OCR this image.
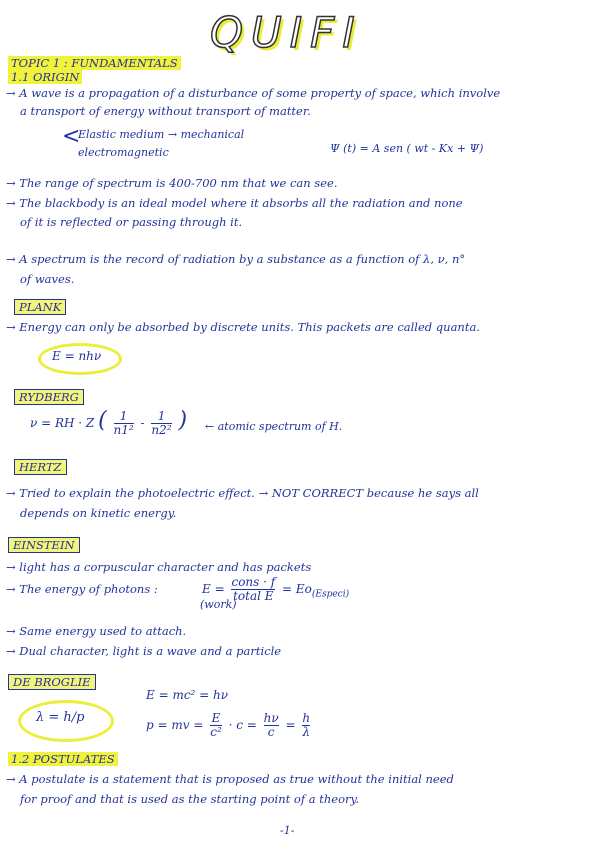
QUIFI
TOPIC 1 : FUNDAMENTALS
1.1 ORIGIN
→ A wave is a propagation of a disturbance of some property of space, which involve
a transport of energy without transport of matter.
<
Elastic medium → mechanical
electromagnetic	Ψ (t) = A sen ( wt - Kx + Ψ)
→ The range of spectrum is 400-700 nm that we can see.
→ The blackbody is an ideal model where it absorbs all the radiation and none
of it is reflected or passing through it.
→ A spectrum is the record of radiation by a substance as a function of λ, ν, n°
of waves.
PLANK
→ Energy can only be absorbed by discrete units. This packets are called quanta.
E = nhν
RYDBERG
ν = RH · Z ( $\frac{1}{\text{n1²}} - \frac{1}{\text{n2²}}$ ) ← atomic spectrum of H.
HERTZ
→ Tried to explain the photoelectric effect. → NOT CORRECT because he says all
depends on kinetic energy.
EINSTEIN
→ light has a corpuscular character and has packets
→ The energy of photons :	$E = \frac{\text{cons · f}}{\text{total E}} = Eo_{(Especi)}$
(work)
→ Same energy used to attach.
→ Dual character, light is a wave and a particle
DE BROGLIE
λ = h/p
E = mc² = hν
p = mv = $\frac{E}{\text{c²}} \cdot c = \frac{h\nu}{c} = \frac{h}{\lambda}$
1.2 POSTULATES
→ A postulate is a statement that is proposed as true without the initial need
for proof and that is used as the starting point of a theory.
-1-
